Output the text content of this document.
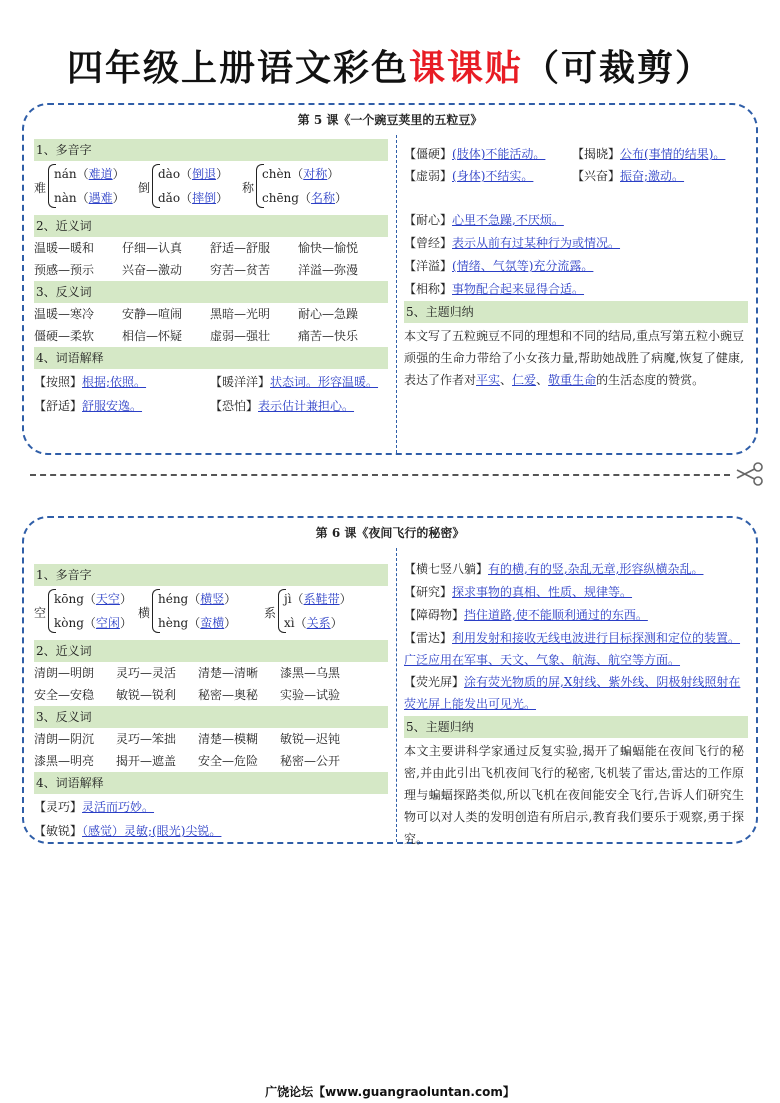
四年级上册语文彩色课课贴（可裁剪）
第 5 课《一个豌豆荚里的五粒豆》
1、多音字
难
nán（难道）
nàn（遇难）
倒
dào（倒退）
dǎo（摔倒）
称
chèn（对称）
chēng（名称）
2、近义词
温暖—暖和 仔细—认真 舒适—舒服 愉快—愉悦
预感—预示 兴奋—激动 穷苦—贫苦 洋溢—弥漫
3、反义词
温暖—寒冷 安静—喧闹 黑暗—光明 耐心—急躁
僵硬—柔软 相信—怀疑 虚弱—强壮 痛苦—快乐
4、词语解释
【按照】根据;依照。	【暖洋洋】状态词。形容温暖。
【舒适】舒服安逸。	【恐怕】表示估计兼担心。
【僵硬】(肢体)不能活动。 【揭晓】公布(事情的结果)。
【虚弱】(身体)不结实。	【兴奋】振奋;激动。
【耐心】心里不急躁,不厌烦。
【曾经】表示从前有过某种行为或情况。
【洋溢】(情绪、气氛等)充分流露。
【相称】事物配合起来显得合适。
5、主题归纳
本文写了五粒豌豆不同的理想和不同的结局,重点写第五粒小豌豆顽强的生命力带给了小女孩力量,帮助她战胜了病魔,恢复了健康,表达了作者对平实、仁爱、敬重生命的生活态度的赞赏。
第 6 课《夜间飞行的秘密》
1、多音字
空
kōng（天空）
kòng（空闲）
横
héng（横竖）
hèng（蛮横）
系
jì（系鞋带）
xì（关系）
2、近义词
清朗—明朗 灵巧—灵活 清楚—清晰 漆黑—乌黑
安全—安稳 敏锐—锐利 秘密—奥秘 实验—试验
3、反义词
清朗—阴沉 灵巧—笨拙 清楚—模糊 敏锐—迟钝
漆黑—明亮 揭开—遮盖 安全—危险 秘密—公开
4、词语解释
【灵巧】灵活而巧妙。
【敏锐】（感觉）灵敏;(眼光)尖锐。
【横七竖八躺】有的横,有的竖,杂乱无章,形容纵横杂乱。
【研究】探求事物的真相、性质、规律等。
【障碍物】挡住道路,使不能顺利通过的东西。
【雷达】利用发射和接收无线电波进行目标探测和定位的装置。广泛应用在军事、天文、气象、航海、航空等方面。
【荧光屏】涂有荧光物质的屏,X射线、紫外线、阴极射线照射在荧光屏上能发出可见光。
5、主题归纳
本文主要讲科学家通过反复实验,揭开了蝙蝠能在夜间飞行的秘密,并由此引出飞机夜间飞行的秘密,飞机装了雷达,雷达的工作原理与蝙蝠探路类似,所以飞机在夜间能安全飞行,告诉人们研究生物可以对人类的发明创造有所启示,教育我们要乐于观察,勇于探究。
广饶论坛【www.guangraoluntan.com】
